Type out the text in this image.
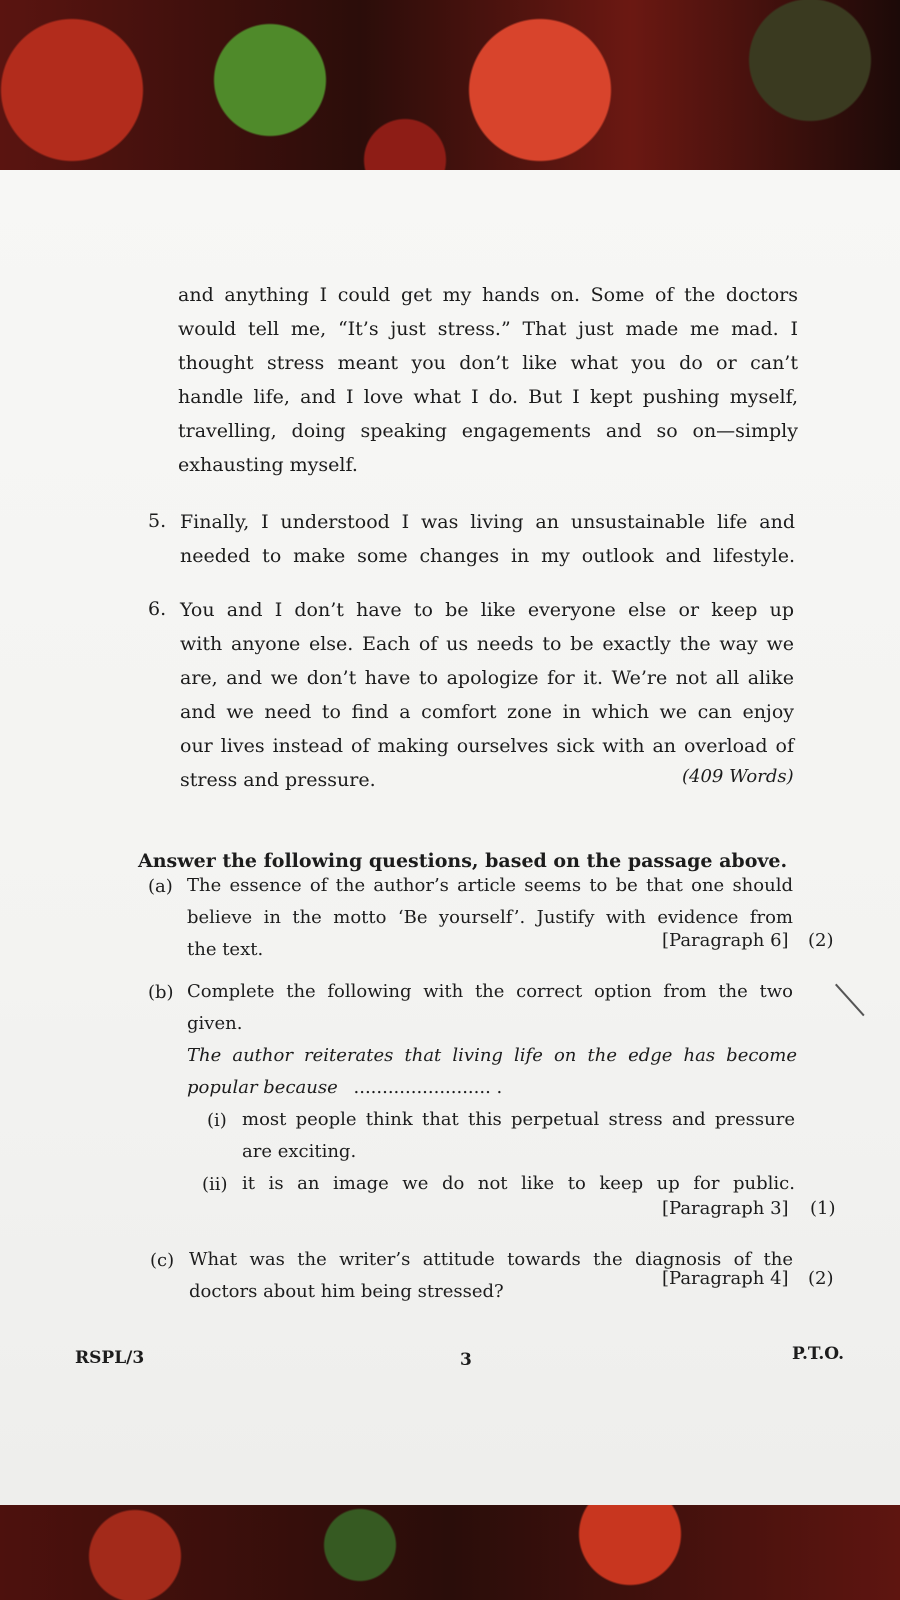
and anything I could get my hands on. Some of the doctors
would tell me, “It’s just stress.” That just made me mad. I
thought stress meant you don’t like what you do or can’t
handle life, and I love what I do. But I kept pushing myself,
travelling, doing speaking engagements and so on—simply
exhausting myself.

5. Finally, I understood I was living an unsustainable life and
needed to make some changes in my outlook and lifestyle.

6. You and I don’t have to be like everyone else or keep up
with anyone else. Each of us needs to be exactly the way we
are, and we don’t have to apologize for it. We’re not all alike
and we need to find a comfort zone in which we can enjoy
our lives instead of making ourselves sick with an overload of
stress and pressure.	(409 Words)
Answer the following questions, based on the passage above.
(a) The essence of the author’s article seems to be that one should
believe in the motto ‘Be yourself’. Justify with evidence from
the text.	[Paragraph 6] (2)
(b) Complete the following with the correct option from the two
given.

The author reiterates that living life on the edge has become
popular because ........................ .

(i) most people think that this perpetual stress and pressure
are exciting.

(ii) it is an image we do not like to keep up for public.

[Paragraph 3] (1)
(c) What was the writer’s attitude towards the diagnosis of the
doctors about him being stressed?

[Paragraph 4] (2)
RSPL/3	3	P.T.O.
